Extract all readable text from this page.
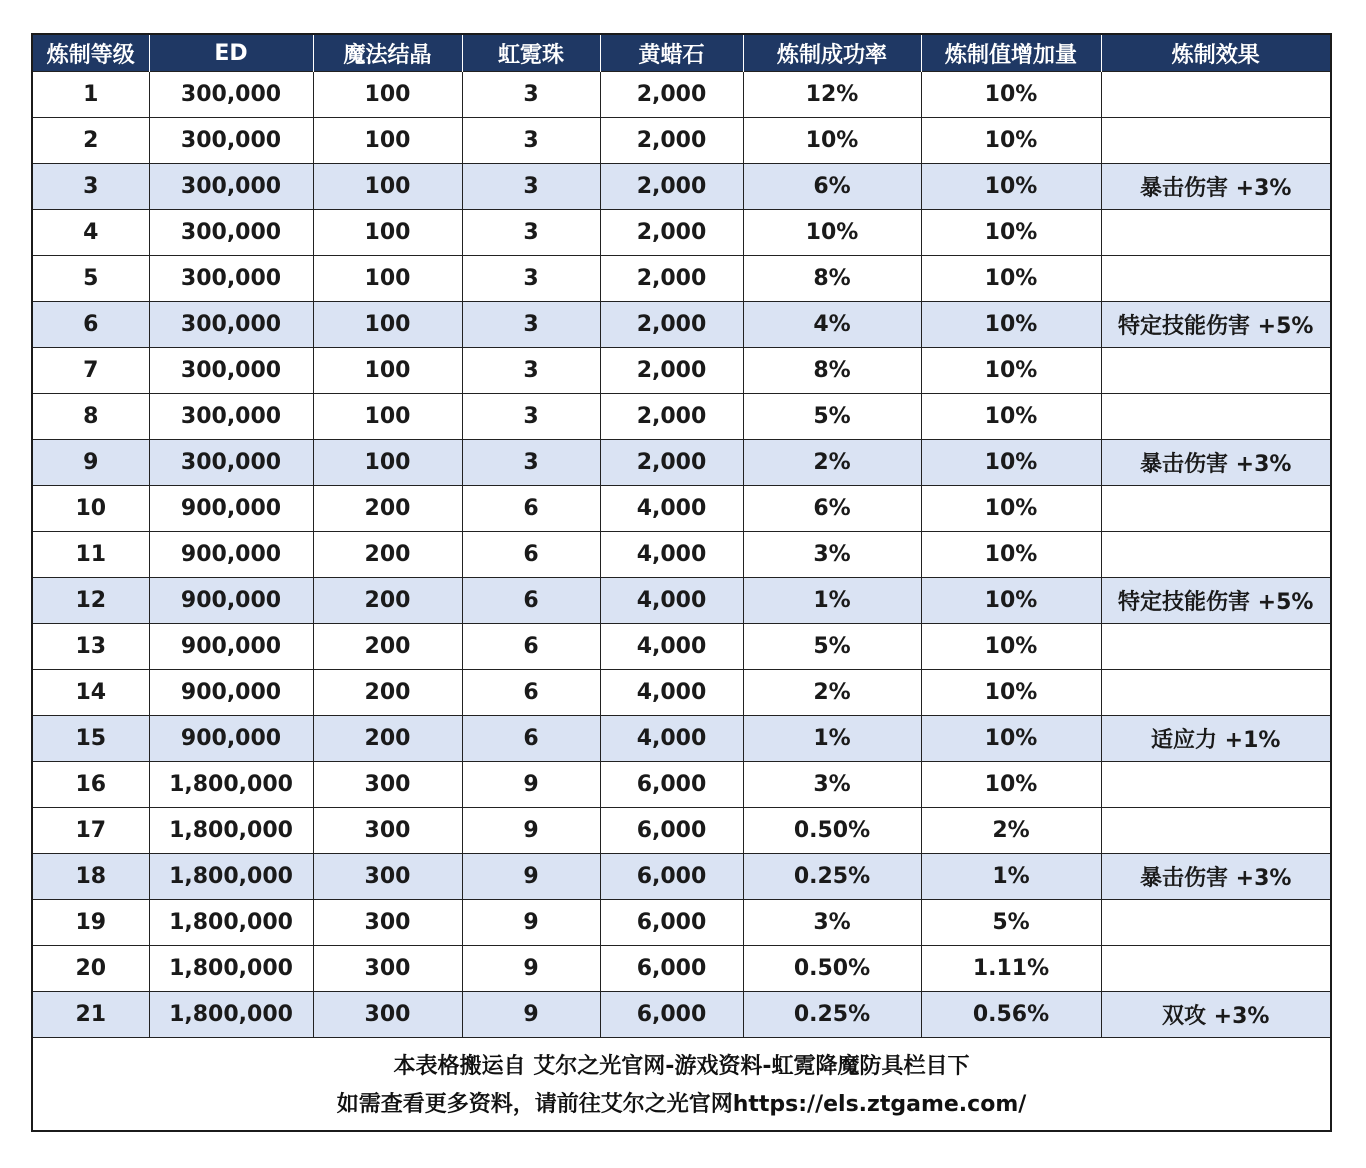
炼制等级	ED	魔法结晶	虹霓珠	黄蜡石	炼制成功率	炼制值增加量	炼制效果
1	300,000	100	3	2,000	12%	10%	
2	300,000	100	3	2,000	10%	10%	
3	300,000	100	3	2,000	6%	10%	暴击伤害 +3%
4	300,000	100	3	2,000	10%	10%	
5	300,000	100	3	2,000	8%	10%	
6	300,000	100	3	2,000	4%	10%	特定技能伤害 +5%
7	300,000	100	3	2,000	8%	10%	
8	300,000	100	3	2,000	5%	10%	
9	300,000	100	3	2,000	2%	10%	暴击伤害 +3%
10	900,000	200	6	4,000	6%	10%	
11	900,000	200	6	4,000	3%	10%	
12	900,000	200	6	4,000	1%	10%	特定技能伤害 +5%
13	900,000	200	6	4,000	5%	10%	
14	900,000	200	6	4,000	2%	10%	
15	900,000	200	6	4,000	1%	10%	适应力 +1%
16	1,800,000	300	9	6,000	3%	10%	
17	1,800,000	300	9	6,000	0.50%	2%	
18	1,800,000	300	9	6,000	0.25%	1%	暴击伤害 +3%
19	1,800,000	300	9	6,000	3%	5%	
20	1,800,000	300	9	6,000	0.50%	1.11%	
21	1,800,000	300	9	6,000	0.25%	0.56%	双攻 +3%
本表格搬运自 艾尔之光官网-游戏资料-虹霓降魔防具栏目下
如需查看更多资料，请前往艾尔之光官网https://els.ztgame.com/
